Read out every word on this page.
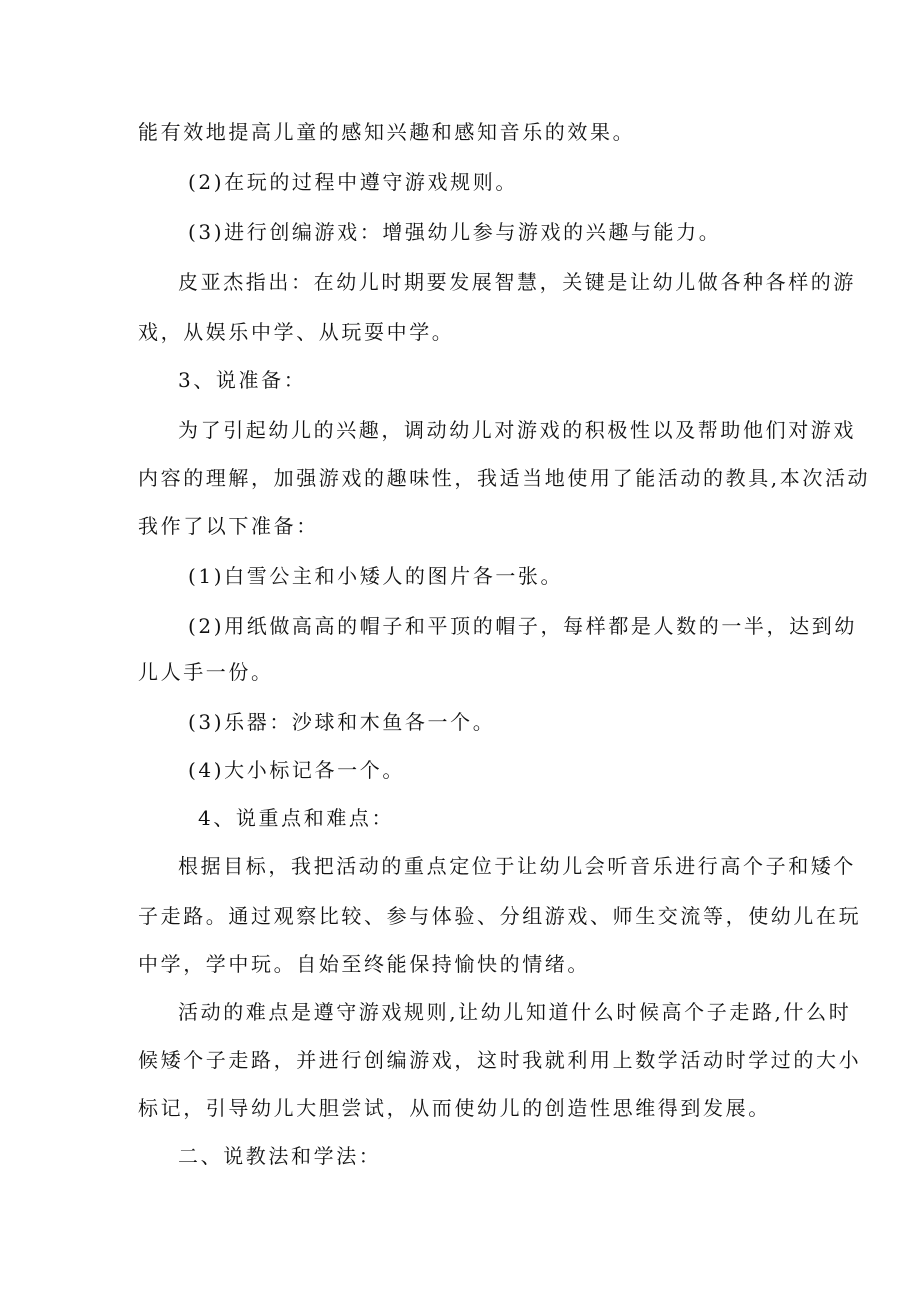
能有效地提高儿童的感知兴趣和感知音乐的效果。
(2)在玩的过程中遵守游戏规则。
(3)进行创编游戏：增强幼儿参与游戏的兴趣与能力。
皮亚杰指出：在幼儿时期要发展智慧，关键是让幼儿做各种各样的游
戏，从娱乐中学、从玩耍中学。
3、说准备：
为了引起幼儿的兴趣，调动幼儿对游戏的积极性以及帮助他们对游戏
内容的理解，加强游戏的趣味性，我适当地使用了能活动的教具,本次活动
我作了以下准备：
(1)白雪公主和小矮人的图片各一张。
(2)用纸做高高的帽子和平顶的帽子，每样都是人数的一半，达到幼
儿人手一份。
(3)乐器：沙球和木鱼各一个。
(4)大小标记各一个。
4、说重点和难点：
根据目标，我把活动的重点定位于让幼儿会听音乐进行高个子和矮个
子走路。通过观察比较、参与体验、分组游戏、师生交流等，使幼儿在玩
中学，学中玩。自始至终能保持愉快的情绪。
活动的难点是遵守游戏规则,让幼儿知道什么时候高个子走路,什么时
候矮个子走路，并进行创编游戏，这时我就利用上数学活动时学过的大小
标记，引导幼儿大胆尝试，从而使幼儿的创造性思维得到发展。
二、说教法和学法：
